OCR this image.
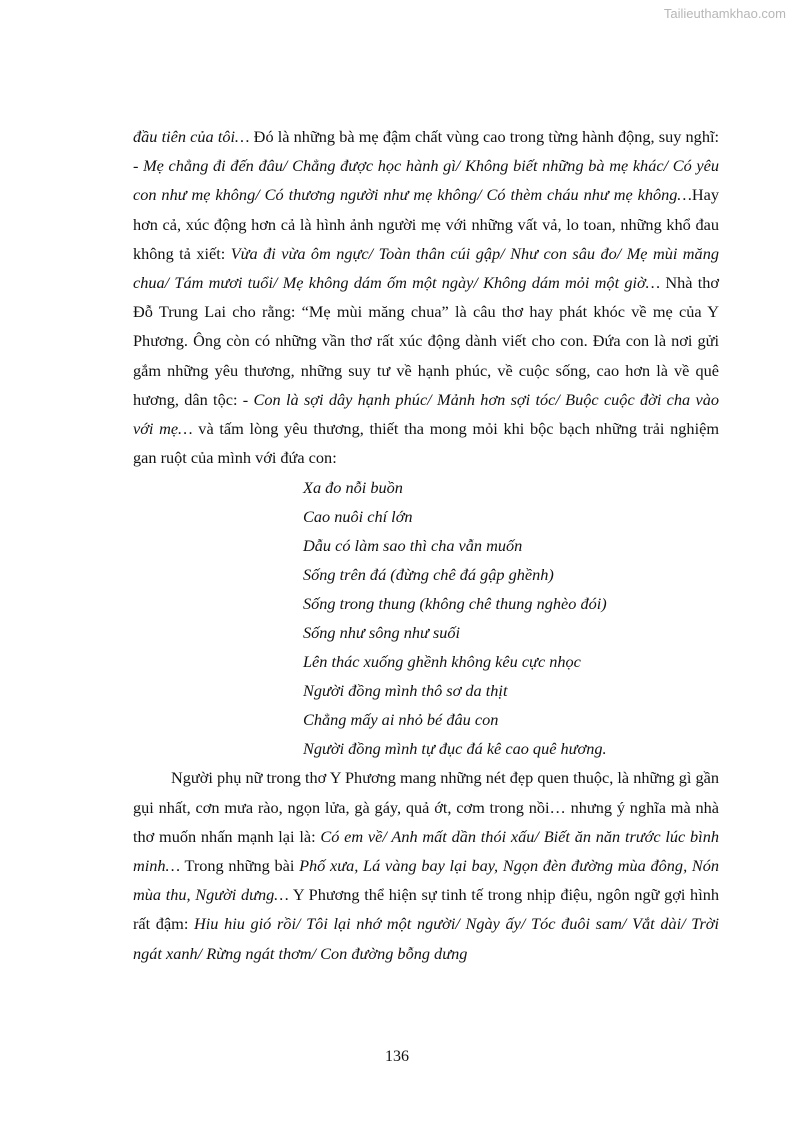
Tailieuthamkhao.com

đầu tiên của tôi… Đó là những bà mẹ đậm chất vùng cao trong từng hành động, suy nghĩ: - Mẹ chẳng đi đến đâu/ Chẳng được học hành gì/ Không biết những bà mẹ khác/ Có yêu con như mẹ không/ Có thương người như mẹ không/ Có thèm cháu như mẹ không…Hay hơn cả, xúc động hơn cả là hình ảnh người mẹ với những vất vả, lo toan, những khổ đau không tả xiết: Vừa đi vừa ôm ngực/ Toàn thân cúi gập/ Như con sâu đo/ Mẹ mùi măng chua/ Tám mươi tuổi/ Mẹ không dám ốm một ngày/ Không dám mỏi một giờ… Nhà thơ Đỗ Trung Lai cho rằng: “Mẹ mùi măng chua” là câu thơ hay phát khóc về mẹ của Y Phương. Ông còn có những vần thơ rất xúc động dành viết cho con. Đứa con là nơi gửi gắm những yêu thương, những suy tư về hạnh phúc, về cuộc sống, cao hơn là về quê hương, dân tộc: - Con là sợi dây hạnh phúc/ Mảnh hơn sợi tóc/ Buộc cuộc đời cha vào với mẹ… và tấm lòng yêu thương, thiết tha mong mỏi khi bộc bạch những trải nghiệm gan ruột của mình với đứa con:

Xa đo nỗi buồn
Cao nuôi chí lớn
Dẫu có làm sao thì cha vẫn muốn
Sống trên đá (đừng chê đá gập ghềnh)
Sống trong thung (không chê thung nghèo đói)
Sống như sông như suối
Lên thác xuống ghềnh không kêu cực nhọc
Người đồng mình thô sơ da thịt
Chẳng mấy ai nhỏ bé đâu con
Người đồng mình tự đục đá kê cao quê hương.

Người phụ nữ trong thơ Y Phương mang những nét đẹp quen thuộc, là những gì gần gụi nhất, cơn mưa rào, ngọn lửa, gà gáy, quả ớt, cơm trong nồi… nhưng ý nghĩa mà nhà thơ muốn nhấn mạnh lại là: Có em về/ Anh mất dần thói xấu/ Biết ăn năn trước lúc bình minh… Trong những bài Phố xưa, Lá vàng bay lại bay, Ngọn đèn đường mùa đông, Nón mùa thu, Người dưng… Y Phương thể hiện sự tinh tế trong nhịp điệu, ngôn ngữ gợi hình rất đậm: Hiu hiu gió rồi/ Tôi lại nhớ một người/ Ngày ấy/ Tóc đuôi sam/ Vắt dài/ Trời ngát xanh/ Rừng ngát thơm/ Con đường bỗng dưng

136
